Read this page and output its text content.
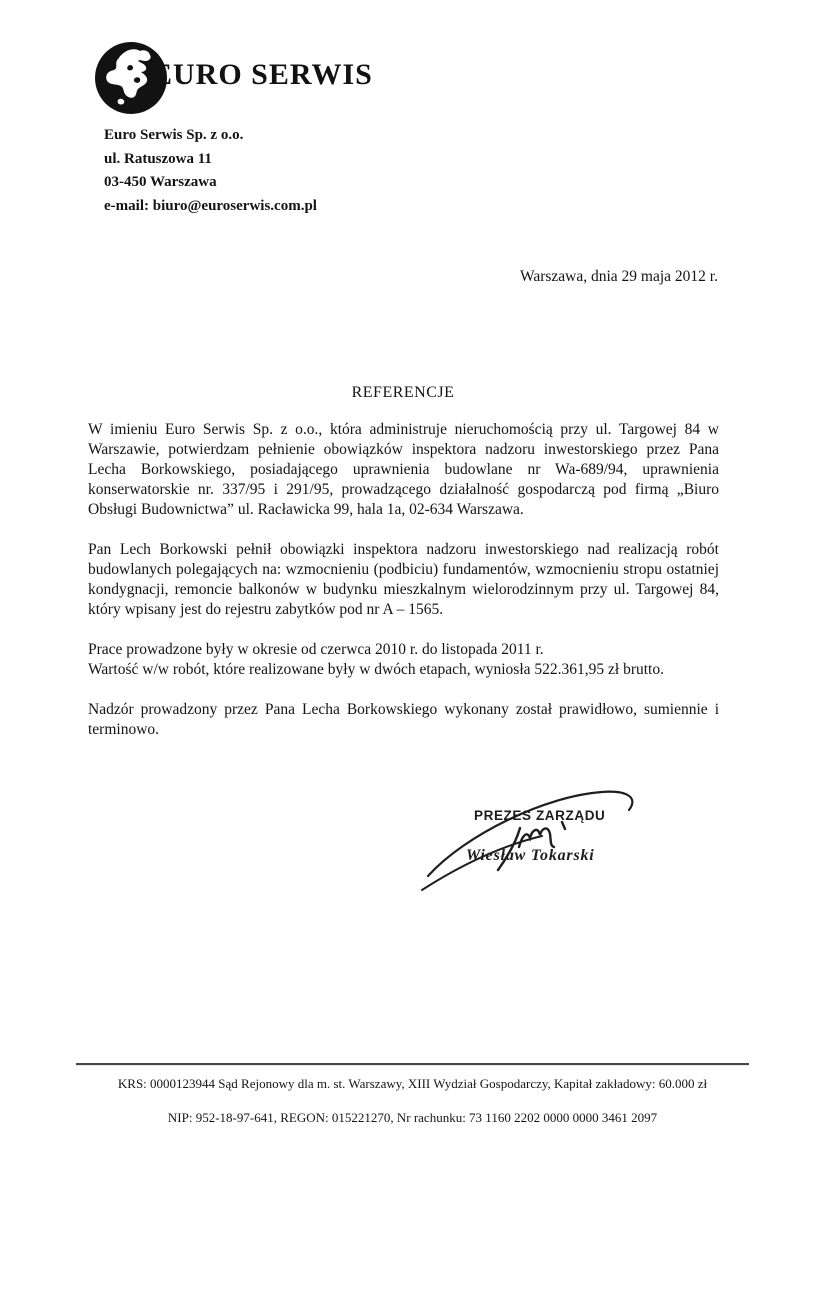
EURO SERWIS
Euro Serwis Sp. z o.o.
ul. Ratuszowa 11
03-450 Warszawa
e-mail: biuro@euroserwis.com.pl
Warszawa, dnia 29 maja 2012 r.
REFERENCJE

W imieniu Euro Serwis Sp. z o.o., która administruje nieruchomością przy ul. Targowej 84 w Warszawie, potwierdzam pełnienie obowiązków inspektora nadzoru inwestorskiego przez Pana Lecha Borkowskiego, posiadającego uprawnienia budowlane nr Wa-689/94, uprawnienia konserwatorskie nr. 337/95 i 291/95, prowadzącego działalność gospodarczą pod firmą „Biuro Obsługi Budownictwa” ul. Racławicka 99, hala 1a, 02-634 Warszawa.

Pan Lech Borkowski pełnił obowiązki inspektora nadzoru inwestorskiego nad realizacją robót budowlanych polegających na: wzmocnieniu (podbiciu) fundamentów, wzmocnieniu stropu ostatniej kondygnacji, remoncie balkonów w budynku mieszkalnym wielorodzinnym przy ul. Targowej 84, który wpisany jest do rejestru zabytków pod nr A – 1565.

Prace prowadzone były w okresie od czerwca 2010 r. do listopada 2011 r.

Wartość w/w robót, które realizowane były w dwóch etapach, wyniosła 522.361,95 zł brutto.

Nadzór prowadzony przez Pana Lecha Borkowskiego wykonany został prawidłowo, sumiennie i terminowo.

PREZES ZARZĄDU
Wiesław Tokarski
KRS: 0000123944 Sąd Rejonowy dla m. st. Warszawy, XIII Wydział Gospodarczy, Kapitał zakładowy: 60.000 zł
NIP: 952-18-97-641, REGON: 015221270, Nr rachunku: 73 1160 2202 0000 0000 3461 2097
